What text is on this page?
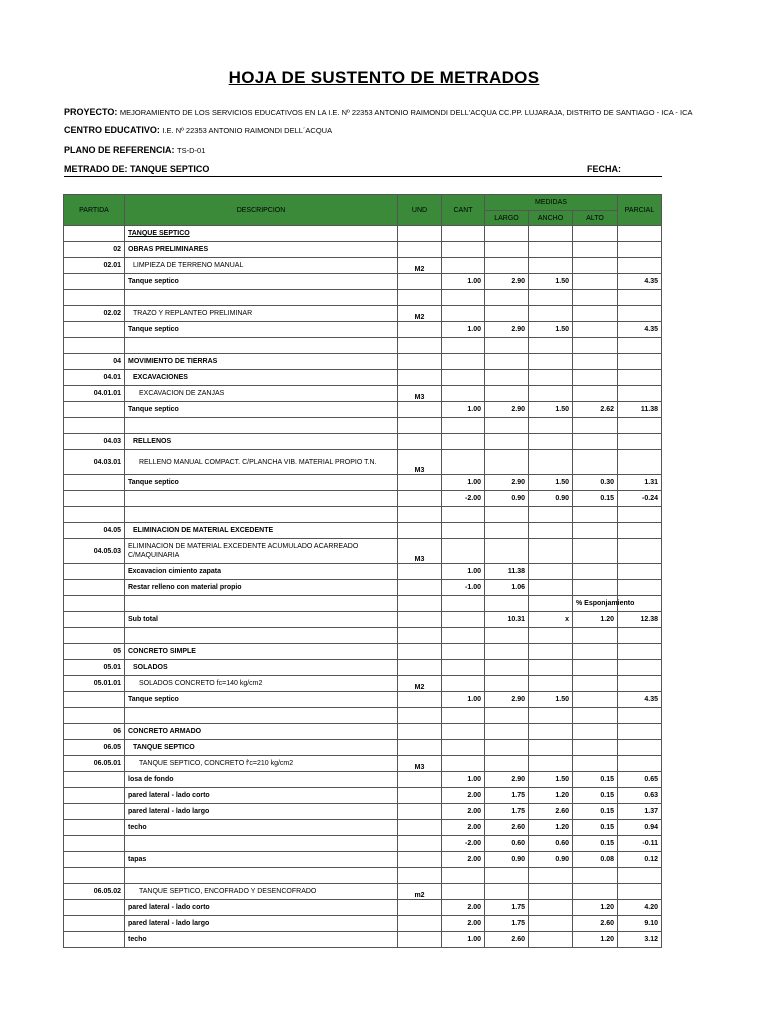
HOJA DE SUSTENTO DE METRADOS
PROYECTO: MEJORAMIENTO DE LOS SERVICIOS EDUCATIVOS EN LA I.E. Nº 22353 ANTONIO RAIMONDI DELL'ACQUA CC.PP. LUJARAJA, DISTRITO DE SANTIAGO - ICA - ICA
CENTRO EDUCATIVO: I.E. Nº 22353 ANTONIO RAIMONDI DELL´ACQUA
PLANO DE REFERENCIA: TS-D-01
METRADO DE: TANQUE SEPTICO	FECHA:
PARTIDA	DESCRIPCION	UND	CANT	MEDIDAS			PARCIAL
				LARGO	ANCHO	ALTO	
	TANQUE SEPTICO						
02	OBRAS PRELIMINARES						
02.01	LIMPIEZA DE TERRENO MANUAL	M2					
	Tanque septico		1.00	2.90	1.50		4.35

02.02	TRAZO Y REPLANTEO PRELIMINAR	M2					
	Tanque septico		1.00	2.90	1.50		4.35

04	MOVIMIENTO DE TIERRAS						
04.01	EXCAVACIONES						
04.01.01	EXCAVACION DE ZANJAS	M3					
	Tanque septico		1.00	2.90	1.50	2.62	11.38

04.03	RELLENOS						
04.03.01	RELLENO MANUAL COMPACT. C/PLANCHA VIB. MATERIAL PROPIO T.N.	M3					
	Tanque septico		1.00	2.90	1.50	0.30	1.31
			-2.00	0.90	0.90	0.15	-0.24

04.05	ELIMINACION DE MATERIAL EXCEDENTE						
04.05.03	ELIMINACION DE MATERIAL EXCEDENTE ACUMULADO ACARREADO C/MAQUINARIA	M3					
	Excavacion cimiento zapata		1.00	11.38			
	Restar relleno con material propio		-1.00	1.06			
						% Esponjamiento	
	Sub total			10.31	x	1.20	12.38

05	CONCRETO SIMPLE						
05.01	SOLADOS						
05.01.01	SOLADOS CONCRETO fc=140 kg/cm2	M2					
	Tanque septico		1.00	2.90	1.50		4.35

06	CONCRETO ARMADO						
06.05	TANQUE SEPTICO						
06.05.01	TANQUE SEPTICO, CONCRETO f'c=210 kg/cm2	M3					
	losa de fondo		1.00	2.90	1.50	0.15	0.65
	pared lateral - lado corto		2.00	1.75	1.20	0.15	0.63
	pared lateral - lado largo		2.00	1.75	2.60	0.15	1.37
	techo		2.00	2.60	1.20	0.15	0.94
			-2.00	0.60	0.60	0.15	-0.11
	tapas		2.00	0.90	0.90	0.08	0.12

06.05.02	TANQUE SEPTICO, ENCOFRADO Y DESENCOFRADO	m2					
	pared lateral - lado corto		2.00	1.75		1.20	4.20
	pared lateral - lado largo		2.00	1.75		2.60	9.10
	techo		1.00	2.60		1.20	3.12
